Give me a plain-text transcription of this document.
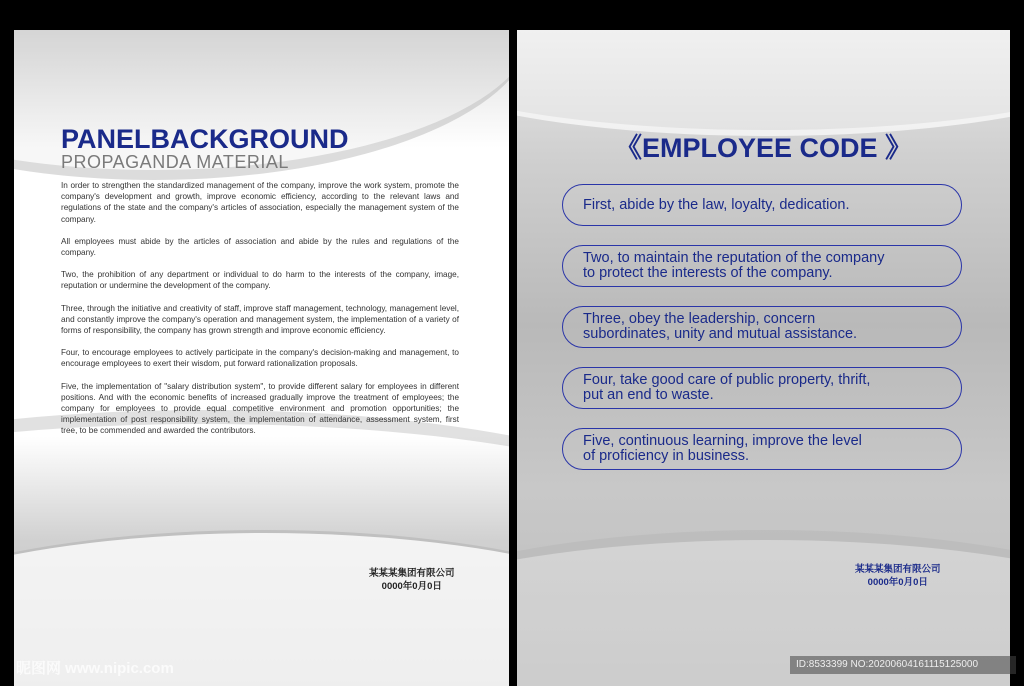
PANELBACKGROUND
PROPAGANDA MATERIAL

In order to strengthen the standardized management of the company, improve the work system, promote the company's development and growth, improve economic efficiency, according to the relevant laws and regulations of the state and the company's articles of association, especially the management system of the company.

All employees must abide by the articles of association and abide by the rules and regulations of the company.

Two, the prohibition of any department or individual to do harm to the interests of the company, image, reputation or undermine the development of the company.

Three, through the initiative and creativity of staff, improve staff management, technology, management level, and constantly improve the company's operation and management system, the implementation of a variety of forms of responsibility, the company has grown strength and improve economic efficiency.

Four, to encourage employees to actively participate in the company's decision-making and management, to encourage employees to exert their wisdom, put forward rationalization proposals.

Five, the implementation of "salary distribution system", to provide different salary for employees in different positions. And with the economic benefits of increased gradually improve the treatment of employees; the company for employees to provide equal competitive environment and promotion opportunities; the implementation of post responsibility system, the implementation of attendance, assessment system, first tree, to be commended and awarded the contributors.

某某某集团有限公司
0000年0月0日
《EMPLOYEE CODE 》
First, abide by the law, loyalty, dedication.
Two, to maintain the reputation of the company
to protect the interests of the company.
Three, obey the leadership, concern
subordinates, unity and mutual assistance.
Four, take good care of public property, thrift,
put an end to waste.
Five, continuous learning, improve the level
of proficiency in business.
某某某集团有限公司
0000年0月0日
昵图网 www.nipic.com	ID:8533399 NO:20200604161115125000
